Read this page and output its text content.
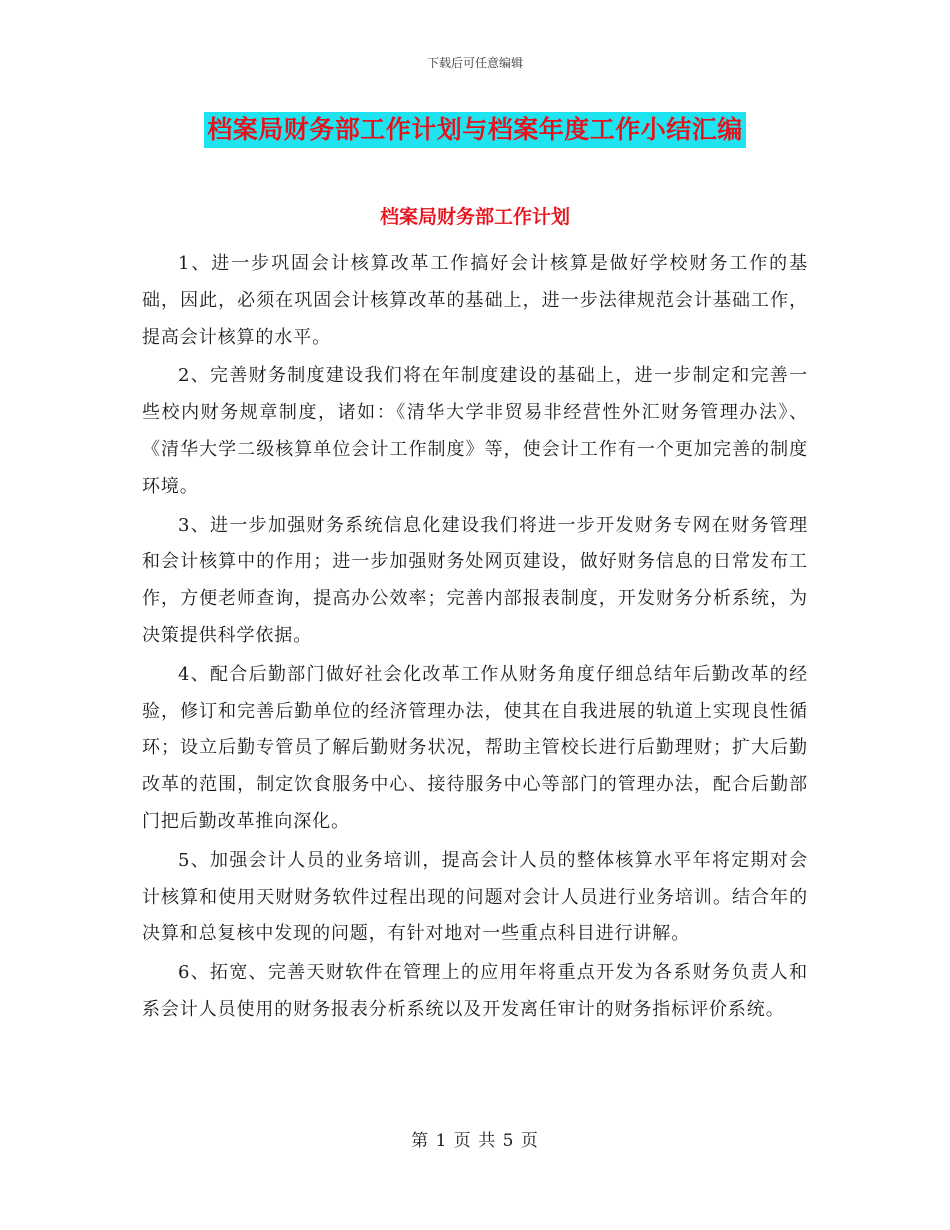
下载后可任意编辑
档案局财务部工作计划与档案年度工作小结汇编
档案局财务部工作计划

1、进一步巩固会计核算改革工作搞好会计核算是做好学校财务工作的基础，因此，必须在巩固会计核算改革的基础上，进一步法律规范会计基础工作，提高会计核算的水平。

2、完善财务制度建设我们将在年制度建设的基础上，进一步制定和完善一些校内财务规章制度，诸如：《清华大学非贸易非经营性外汇财务管理办法》、《清华大学二级核算单位会计工作制度》等，使会计工作有一个更加完善的制度环境。

3、进一步加强财务系统信息化建设我们将进一步开发财务专网在财务管理和会计核算中的作用；进一步加强财务处网页建设，做好财务信息的日常发布工作，方便老师查询，提高办公效率；完善内部报表制度，开发财务分析系统，为决策提供科学依据。

4、配合后勤部门做好社会化改革工作从财务角度仔细总结年后勤改革的经验，修订和完善后勤单位的经济管理办法，使其在自我进展的轨道上实现良性循环；设立后勤专管员了解后勤财务状况，帮助主管校长进行后勤理财；扩大后勤改革的范围，制定饮食服务中心、接待服务中心等部门的管理办法，配合后勤部门把后勤改革推向深化。

5、加强会计人员的业务培训，提高会计人员的整体核算水平年将定期对会计核算和使用天财财务软件过程出现的问题对会计人员进行业务培训。结合年的决算和总复核中发现的问题，有针对地对一些重点科目进行讲解。

6、拓宽、完善天财软件在管理上的应用年将重点开发为各系财务负责人和系会计人员使用的财务报表分析系统以及开发离任审计的财务指标评价系统。

第 1 页 共 5 页
